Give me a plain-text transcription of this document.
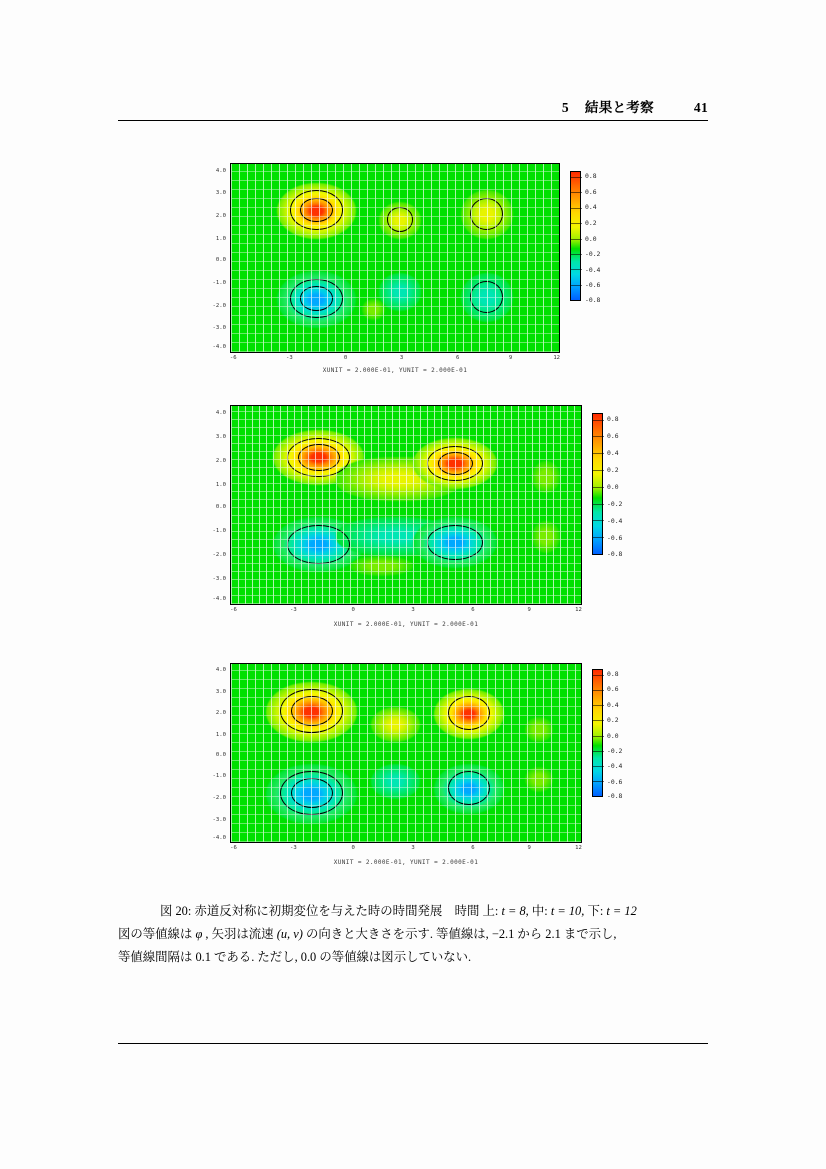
5 結果と考察	41
4.0
3.0
2.0
1.0
0.0
-1.0
-2.0
-3.0
-4.0
-6	-3	0	3	6	9	12
XUNIT = 2.000E-01, YUNIT = 2.000E-01
0.8
0.6
0.4
0.2
0.0
-0.2
-0.4
-0.6
-0.8
4.0
3.0
2.0
1.0
0.0
-1.0
-2.0
-3.0
-4.0
-6	-3	0	3	6	9	12
XUNIT = 2.000E-01, YUNIT = 2.000E-01
0.8
0.6
0.4
0.2
0.0
-0.2
-0.4
-0.6
-0.8
4.0
3.0
2.0
1.0
0.0
-1.0
-2.0
-3.0
-4.0
-6	-3	0	3	6	9	12
XUNIT = 2.000E-01, YUNIT = 2.000E-01
0.8
0.6
0.4
0.2
0.0
-0.2
-0.4
-0.6
-0.8
図 20: 赤道反対称に初期変位を与えた時の時間発展　時間 上: t = 8, 中: t = 10, 下: t = 12
図の等値線は φ , 矢羽は流速 (u, v) の向きと大きさを示す. 等値線は, −2.1 から 2.1 まで示し,
等値線間隔は 0.1 である. ただし, 0.0 の等値線は図示していない.
